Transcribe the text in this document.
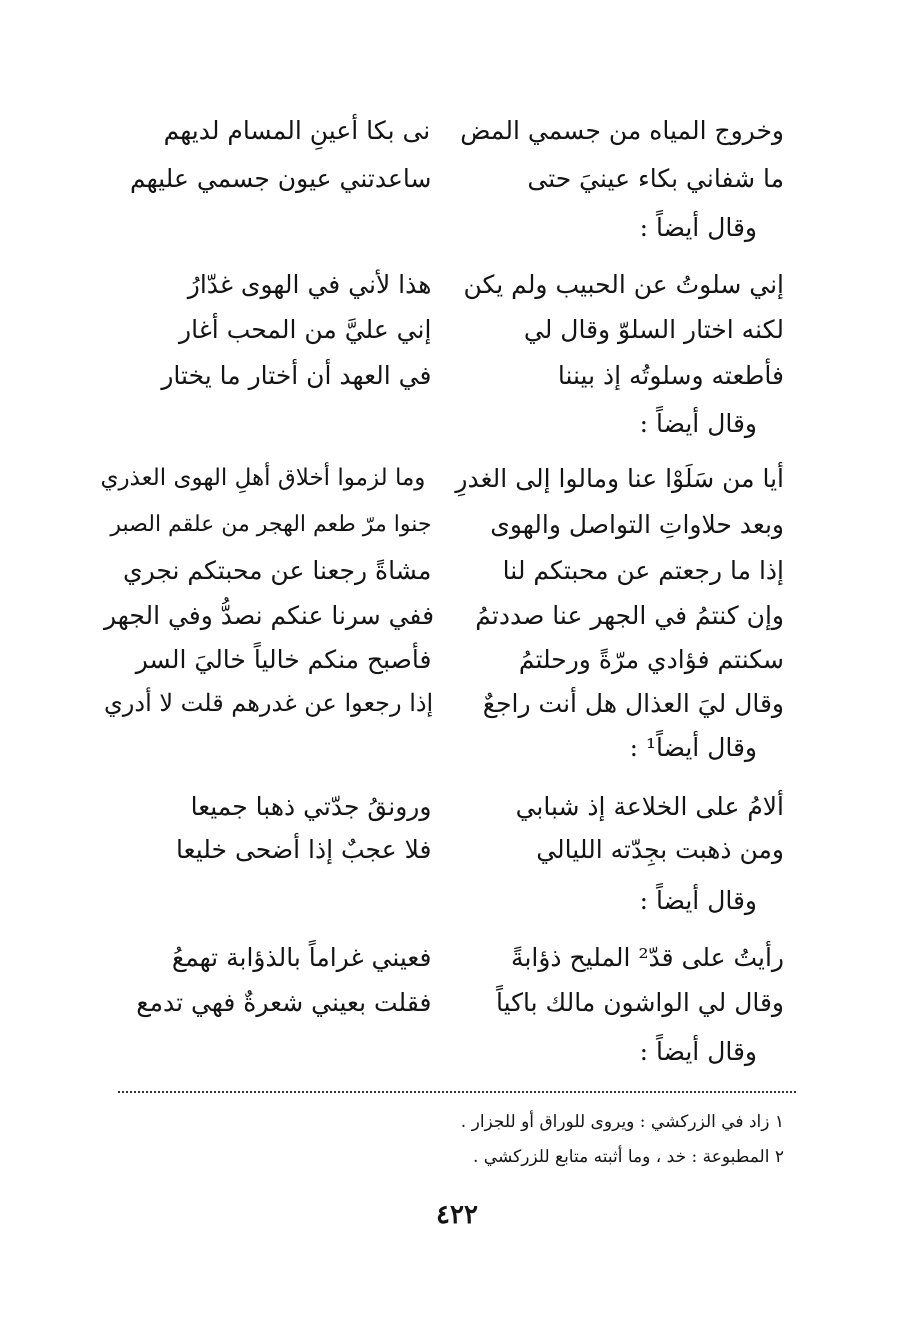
وخروج المياه من جسمي المض
نى بكا أعينِ المسام لديهم
ما شفاني بكاء عينيَ حتى
ساعدتني عيون جسمي عليهم
وقال أيضاً :
إني سلوتُ عن الحبيب ولم يكن
هذا لأني في الهوى غدّارُ
لكنه اختار السلوّ وقال لي
إني عليَّ من المحب أغار
فأطعته وسلوتُه إذ بيننا
في العهد أن أختار ما يختار
وقال أيضاً :
أيا من سَلَوْا عنا ومالوا إلى الغدرِ
وما لزموا أخلاق أهلِ الهوى العذري
وبعد حلاواتِ التواصل والهوى
جنوا مرّ طعم الهجر من علقم الصبر
إذا ما رجعتم عن محبتكم لنا
مشاةً رجعنا عن محبتكم نجري
وإن كنتمُ في الجهر عنا صددتمُ
ففي سرنا عنكم نصدُّ وفي الجهر
سكنتم فؤادي مرّةً ورحلتمُ
فأصبح منكم خالياً خاليَ السر
وقال ليَ العذال هل أنت راجعٌ
إذا رجعوا عن غدرهم قلت لا أدري
وقال أيضاً¹ :
ألامُ على الخلاعة إذ شبابي
ورونقُ جدّتي ذهبا جميعا
ومن ذهبت بجِدّته الليالي
فلا عجبٌ إذا أضحى خليعا
وقال أيضاً :
رأيتُ على قدّ² المليح ذؤابةً
فعيني غراماً بالذؤابة تهمعُ
وقال لي الواشون مالك باكياً
فقلت بعيني شعرةٌ فهي تدمع
وقال أيضاً :
١ زاد في الزركشي : ويروى للوراق أو للجزار .
٢ المطبوعة : خد ، وما أثبته متابع للزركشي .
٤٢٢
